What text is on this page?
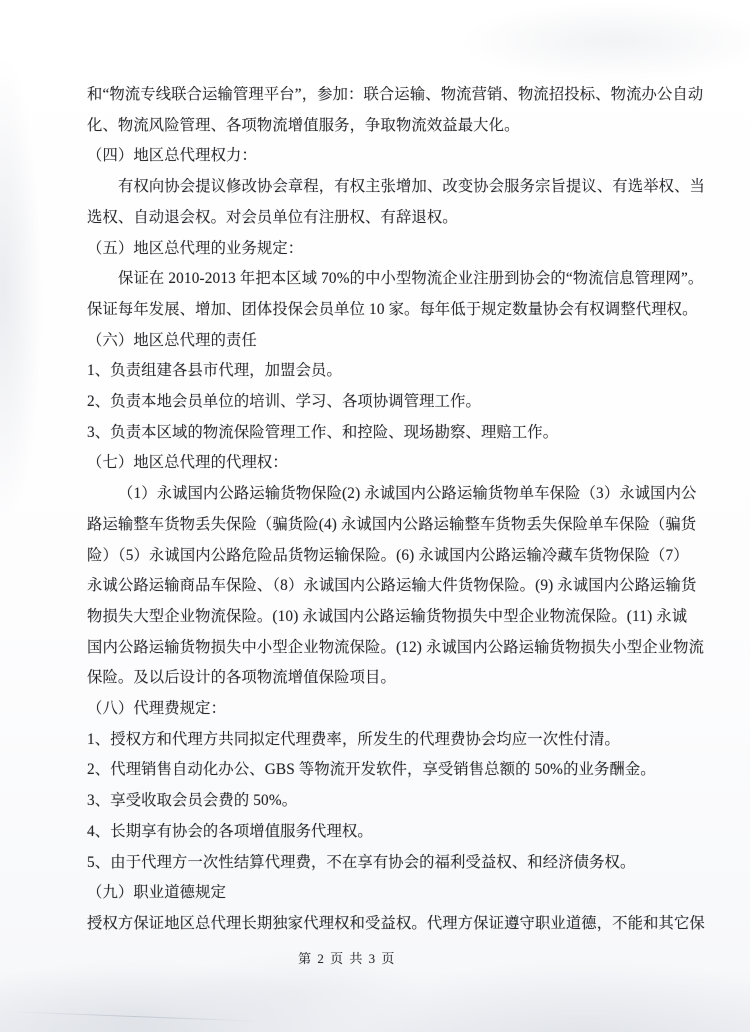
和“物流专线联合运输管理平台”，参加：联合运输、物流营销、物流招投标、物流办公自动
化、物流风险管理、各项物流增值服务，争取物流效益最大化。
（四）地区总代理权力：
有权向协会提议修改协会章程，有权主张增加、改变协会服务宗旨提议、有选举权、当
选权、自动退会权。对会员单位有注册权、有辞退权。
（五）地区总代理的业务规定：
保证在 2010-2013 年把本区域 70%的中小型物流企业注册到协会的“物流信息管理网”。
保证每年发展、增加、团体投保会员单位 10 家。每年低于规定数量协会有权调整代理权。
（六）地区总代理的责任
1、负责组建各县市代理，加盟会员。
2、负责本地会员单位的培训、学习、各项协调管理工作。
3、负责本区域的物流保险管理工作、和控险、现场勘察、理赔工作。
（七）地区总代理的代理权：
（1）永诚国内公路运输货物保险(2) 永诚国内公路运输货物单车保险（3）永诚国内公
路运输整车货物丢失保险（骗货险(4) 永诚国内公路运输整车货物丢失保险单车保险（骗货
险）（5）永诚国内公路危险品货物运输保险。(6) 永诚国内公路运输冷藏车货物保险（7）
永诚公路运输商品车保险、（8）永诚国内公路运输大件货物保险。(9) 永诚国内公路运输货
物损失大型企业物流保险。(10) 永诚国内公路运输货物损失中型企业物流保险。(11) 永诚
国内公路运输货物损失中小型企业物流保险。(12) 永诚国内公路运输货物损失小型企业物流
保险。及以后设计的各项物流增值保险项目。
（八）代理费规定：
1、授权方和代理方共同拟定代理费率，所发生的代理费协会均应一次性付清。
2、代理销售自动化办公、GBS 等物流开发软件，享受销售总额的 50%的业务酬金。
3、享受收取会员会费的 50%。
4、长期享有协会的各项增值服务代理权。
5、由于代理方一次性结算代理费，不在享有协会的福利受益权、和经济债务权。
（九）职业道德规定
授权方保证地区总代理长期独家代理权和受益权。代理方保证遵守职业道德，不能和其它保
第 2 页 共 3 页
